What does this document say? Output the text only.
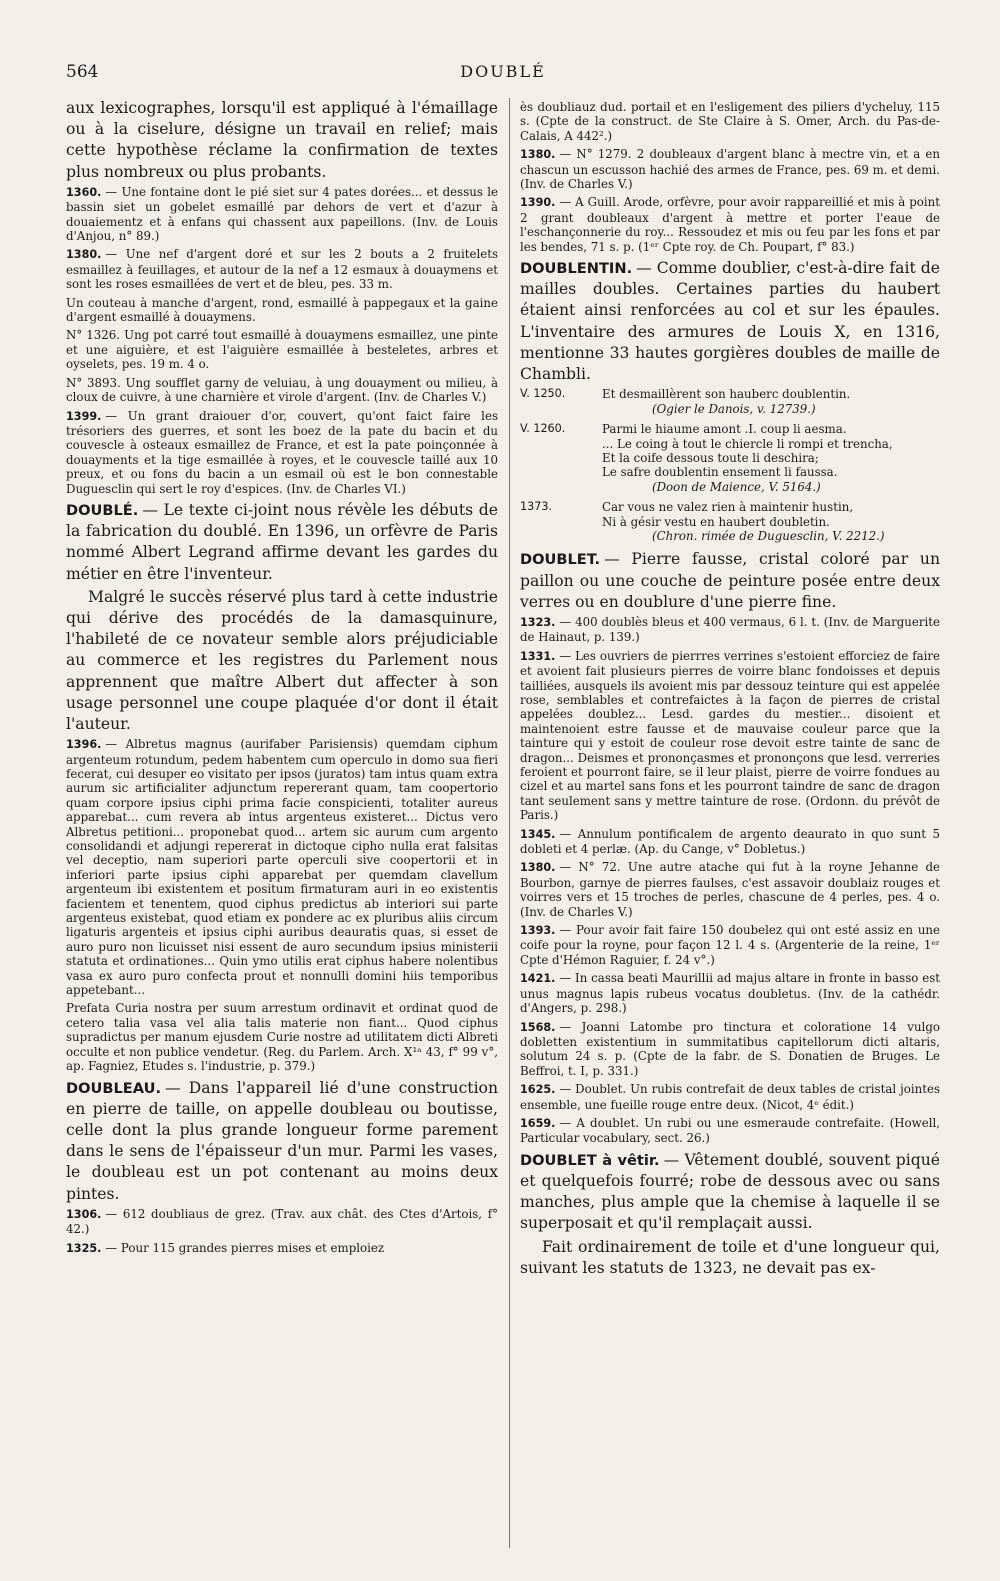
564	DOUBLÉ

aux lexicographes, lorsqu'il est appliqué à l'émaillage ou à la ciselure, désigne un travail en relief; mais cette hypothèse réclame la confirmation de textes plus nombreux ou plus probants.

1360. — Une fontaine dont le pié siet sur 4 pates dorées... et dessus le bassin siet un gobelet esmaillé par dehors de vert et d'azur à douaiementz et à enfans qui chassent aux papeillons. (Inv. de Louis d'Anjou, n° 89.)

1380. — Une nef d'argent doré et sur les 2 bouts a 2 fruitelets esmaillez à feuillages, et autour de la nef a 12 esmaux à douaymens et sont les roses esmaillées de vert et de bleu, pes. 33 m.

Un couteau à manche d'argent, rond, esmaillé à pappegaux et la gaine d'argent esmaillé à douaymens.

N° 1326. Ung pot carré tout esmaillé à douaymens esmaillez, une pinte et une aiguière, et est l'aiguière esmaillée à besteletes, arbres et oyselets, pes. 19 m. 4 o.

N° 3893. Ung soufflet garny de veluiau, à ung douayment ou milieu, à cloux de cuivre, à une charnière et virole d'argent. (Inv. de Charles V.)

1399. — Un grant draiouer d'or, couvert, qu'ont faict faire les trésoriers des guerres, et sont les boez de la pate du bacin et du couvescle à osteaux esmaillez de France, et est la pate poinçonnée à douayments et la tige esmaillée à royes, et le couvescle taillé aux 10 preux, et ou fons du bacin a un esmail où est le bon connestable Duguesclin qui sert le roy d'espices. (Inv. de Charles VI.)

DOUBLÉ. — Le texte ci-joint nous révèle les débuts de la fabrication du doublé. En 1396, un orfèvre de Paris nommé Albert Legrand affirme devant les gardes du métier en être l'inventeur.

Malgré le succès réservé plus tard à cette industrie qui dérive des procédés de la damasquinure, l'habileté de ce novateur semble alors préjudiciable au commerce et les registres du Parlement nous apprennent que maître Albert dut affecter à son usage personnel une coupe plaquée d'or dont il était l'auteur.

1396. — Albretus magnus (aurifaber Parisiensis) quemdam ciphum argenteum rotundum, pedem habentem cum operculo in domo sua fieri fecerat, cui desuper eo visitato per ipsos (juratos) tam intus quam extra aurum sic artificialiter adjunctum repererant quam, tam coopertorio quam corpore ipsius ciphi prima facie conspicienti, totaliter aureus apparebat... cum revera ab intus argenteus existeret... Dictus vero Albretus petitioni... proponebat quod... artem sic aurum cum argento consolidandi et adjungi repererat in dictoque cipho nulla erat falsitas vel deceptio, nam superiori parte operculi sive coopertorii et in inferiori parte ipsius ciphi apparebat per quemdam clavellum argenteum ibi existentem et positum firmaturam auri in eo existentis facientem et tenentem, quod ciphus predictus ab interiori sui parte argenteus existebat, quod etiam ex pondere ac ex pluribus aliis circum ligaturis argenteis et ipsius ciphi auribus deauratis quas, si esset de auro puro non licuisset nisi essent de auro secundum ipsius ministerii statuta et ordinationes... Quin ymo utilis erat ciphus habere nolentibus vasa ex auro puro confecta prout et nonnulli domini hiis temporibus appetebant...

Prefata Curia nostra per suum arrestum ordinavit et ordinat quod de cetero talia vasa vel alia talis materie non fiant... Quod ciphus supradictus per manum ejusdem Curie nostre ad utilitatem dicti Albreti occulte et non publice vendetur. (Reg. du Parlem. Arch. X¹ᵃ 43, f° 99 v°, ap. Fagniez, Etudes s. l'industrie, p. 379.)

DOUBLEAU. — Dans l'appareil lié d'une construction en pierre de taille, on appelle doubleau ou boutisse, celle dont la plus grande longueur forme parement dans le sens de l'épaisseur d'un mur. Parmi les vases, le doubleau est un pot contenant au moins deux pintes.

1306. — 612 doubliaus de grez. (Trav. aux chât. des Ctes d'Artois, f° 42.)

1325. — Pour 115 grandes pierres mises et emploiez

ès doubliauz dud. portail et en l'esligement des piliers d'ycheluy, 115 s. (Cpte de la construct. de Ste Claire à S. Omer, Arch. du Pas-de-Calais, A 442².)

1380. — N° 1279. 2 doubleaux d'argent blanc à mectre vin, et a en chascun un escusson hachié des armes de France, pes. 69 m. et demi. (Inv. de Charles V.)

1390. — A Guill. Arode, orfèvre, pour avoir rappareillié et mis à point 2 grant doubleaux d'argent à mettre et porter l'eaue de l'eschançonnerie du roy... Ressoudez et mis ou feu par les fons et par les bendes, 71 s. p. (1ᵉʳ Cpte roy. de Ch. Poupart, f° 83.)

DOUBLENTIN. — Comme doublier, c'est-à-dire fait de mailles doubles. Certaines parties du haubert étaient ainsi renforcées au col et sur les épaules. L'inventaire des armures de Louis X, en 1316, mentionne 33 hautes gorgières doubles de maille de Chambli.

V. 1250.	Et desmaillèrent son hauberc doublentin.
(Ogier le Danois, v. 12739.)
V. 1260.	Parmi le hiaume amont .I. coup li aesma.
... Le coing à tout le chiercle li rompi et trencha,
Et la coife dessous toute li deschira;
Le safre doublentin ensement li faussa.
(Doon de Maience, V. 5164.)
1373.	Car vous ne valez rien à maintenir hustin,
Ni à gésir vestu en haubert doubletin.
(Chron. rimée de Duguesclin, V. 2212.)

DOUBLET. — Pierre fausse, cristal coloré par un paillon ou une couche de peinture posée entre deux verres ou en doublure d'une pierre fine.

1323. — 400 doublès bleus et 400 vermaus, 6 l. t. (Inv. de Marguerite de Hainaut, p. 139.)

1331. — Les ouvriers de pierrres verrines s'estoient efforciez de faire et avoient fait plusieurs pierres de voirre blanc fondoisses et depuis tailliées, ausquels ils avoient mis par dessouz teinture qui est appelée rose, semblables et contrefaictes à la façon de pierres de cristal appelées doublez... Lesd. gardes du mestier... disoient et maintenoient estre fausse et de mauvaise couleur parce que la tainture qui y estoit de couleur rose devoit estre tainte de sanc de dragon... Deismes et prononçasmes et prononçons que lesd. verreries feroient et pourront faire, se il leur plaist, pierre de voirre fondues au cizel et au martel sans fons et les pourront taindre de sanc de dragon tant seulement sans y mettre tainture de rose. (Ordonn. du prévôt de Paris.)

1345. — Annulum pontificalem de argento deaurato in quo sunt 5 dobleti et 4 perlæ. (Ap. du Cange, v° Dobletus.)

1380. — N° 72. Une autre atache qui fut à la royne Jehanne de Bourbon, garnye de pierres faulses, c'est assavoir doublaiz rouges et voirres vers et 15 troches de perles, chascune de 4 perles, pes. 4 o. (Inv. de Charles V.)

1393. — Pour avoir fait faire 150 doubelez qui ont esté assiz en une coife pour la royne, pour façon 12 l. 4 s. (Argenterie de la reine, 1ᵉʳ Cpte d'Hémon Raguier, f. 24 v°.)

1421. — In cassa beati Maurillii ad majus altare in fronte in basso est unus magnus lapis rubeus vocatus doubletus. (Inv. de la cathédr. d'Angers, p. 298.)

1568. — Joanni Latombe pro tinctura et coloratione 14 vulgo dobletten existentium in summitatibus capitellorum dicti altaris, solutum 24 s. p. (Cpte de la fabr. de S. Donatien de Bruges. Le Beffroi, t. I, p. 331.)

1625. — Doublet. Un rubis contrefait de deux tables de cristal jointes ensemble, une fueille rouge entre deux. (Nicot, 4ᵉ édit.)

1659. — A doublet. Un rubi ou une esmeraude contrefaite. (Howell, Particular vocabulary, sect. 26.)

DOUBLET à vêtir. — Vêtement doublé, souvent piqué et quelquefois fourré; robe de dessous avec ou sans manches, plus ample que la chemise à laquelle il se superposait et qu'il remplaçait aussi.

Fait ordinairement de toile et d'une longueur qui, suivant les statuts de 1323, ne devait pas ex-
